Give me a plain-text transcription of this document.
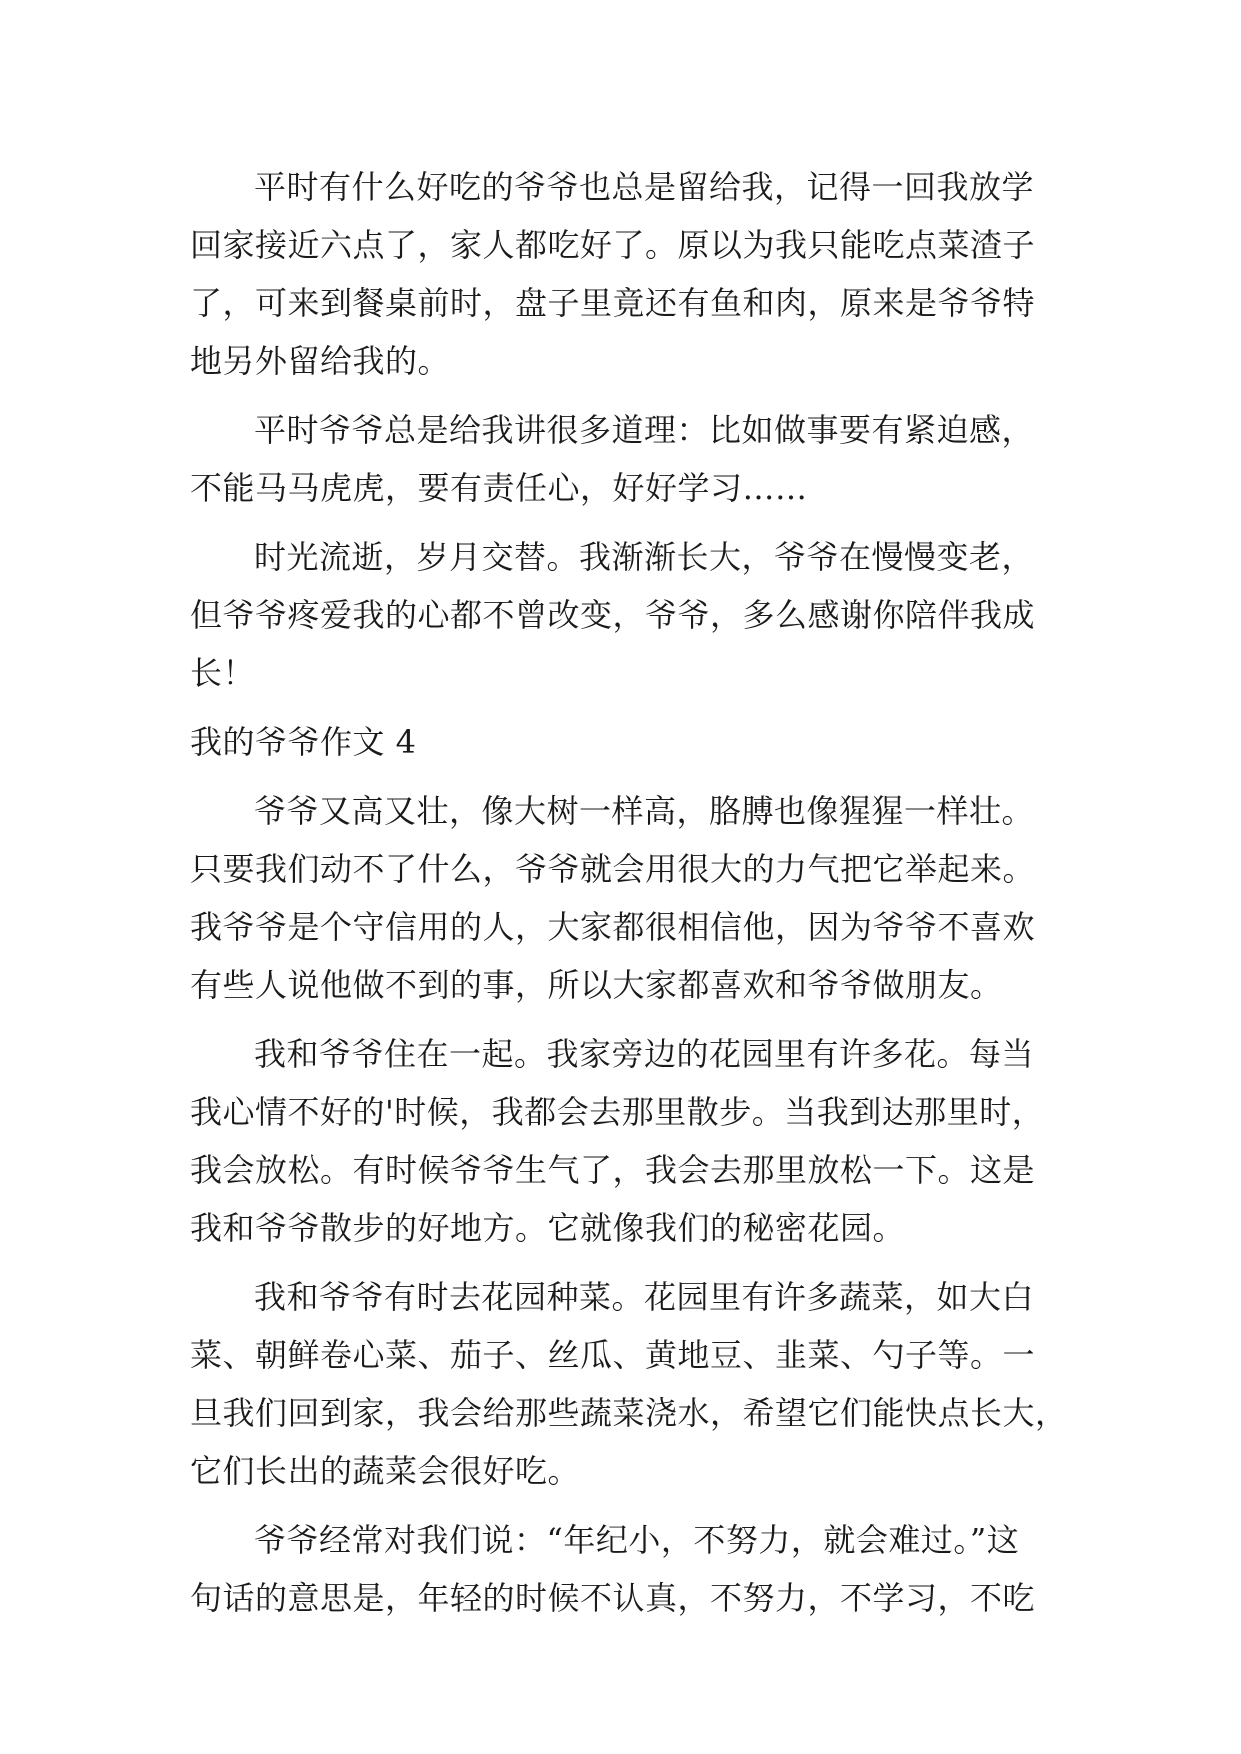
平时有什么好吃的爷爷也总是留给我，记得一回我放学
回家接近六点了，家人都吃好了。原以为我只能吃点菜渣子
了，可来到餐桌前时，盘子里竟还有鱼和肉，原来是爷爷特
地另外留给我的。
平时爷爷总是给我讲很多道理：比如做事要有紧迫感，
不能马马虎虎，要有责任心，好好学习……
时光流逝，岁月交替。我渐渐长大，爷爷在慢慢变老，
但爷爷疼爱我的心都不曾改变，爷爷，多么感谢你陪伴我成
长！
我的爷爷作文 4
爷爷又高又壮，像大树一样高，胳膊也像猩猩一样壮。
只要我们动不了什么，爷爷就会用很大的力气把它举起来。
我爷爷是个守信用的人，大家都很相信他，因为爷爷不喜欢
有些人说他做不到的事，所以大家都喜欢和爷爷做朋友。
我和爷爷住在一起。我家旁边的花园里有许多花。每当
我心情不好的'时候，我都会去那里散步。当我到达那里时，
我会放松。有时候爷爷生气了，我会去那里放松一下。这是
我和爷爷散步的好地方。它就像我们的秘密花园。
我和爷爷有时去花园种菜。花园里有许多蔬菜，如大白
菜、朝鲜卷心菜、茄子、丝瓜、黄地豆、韭菜、勺子等。一
旦我们回到家，我会给那些蔬菜浇水，希望它们能快点长大，
它们长出的蔬菜会很好吃。
爷爷经常对我们说：“年纪小，不努力，就会难过。”这
句话的意思是，年轻的时候不认真，不努力，不学习，不吃
